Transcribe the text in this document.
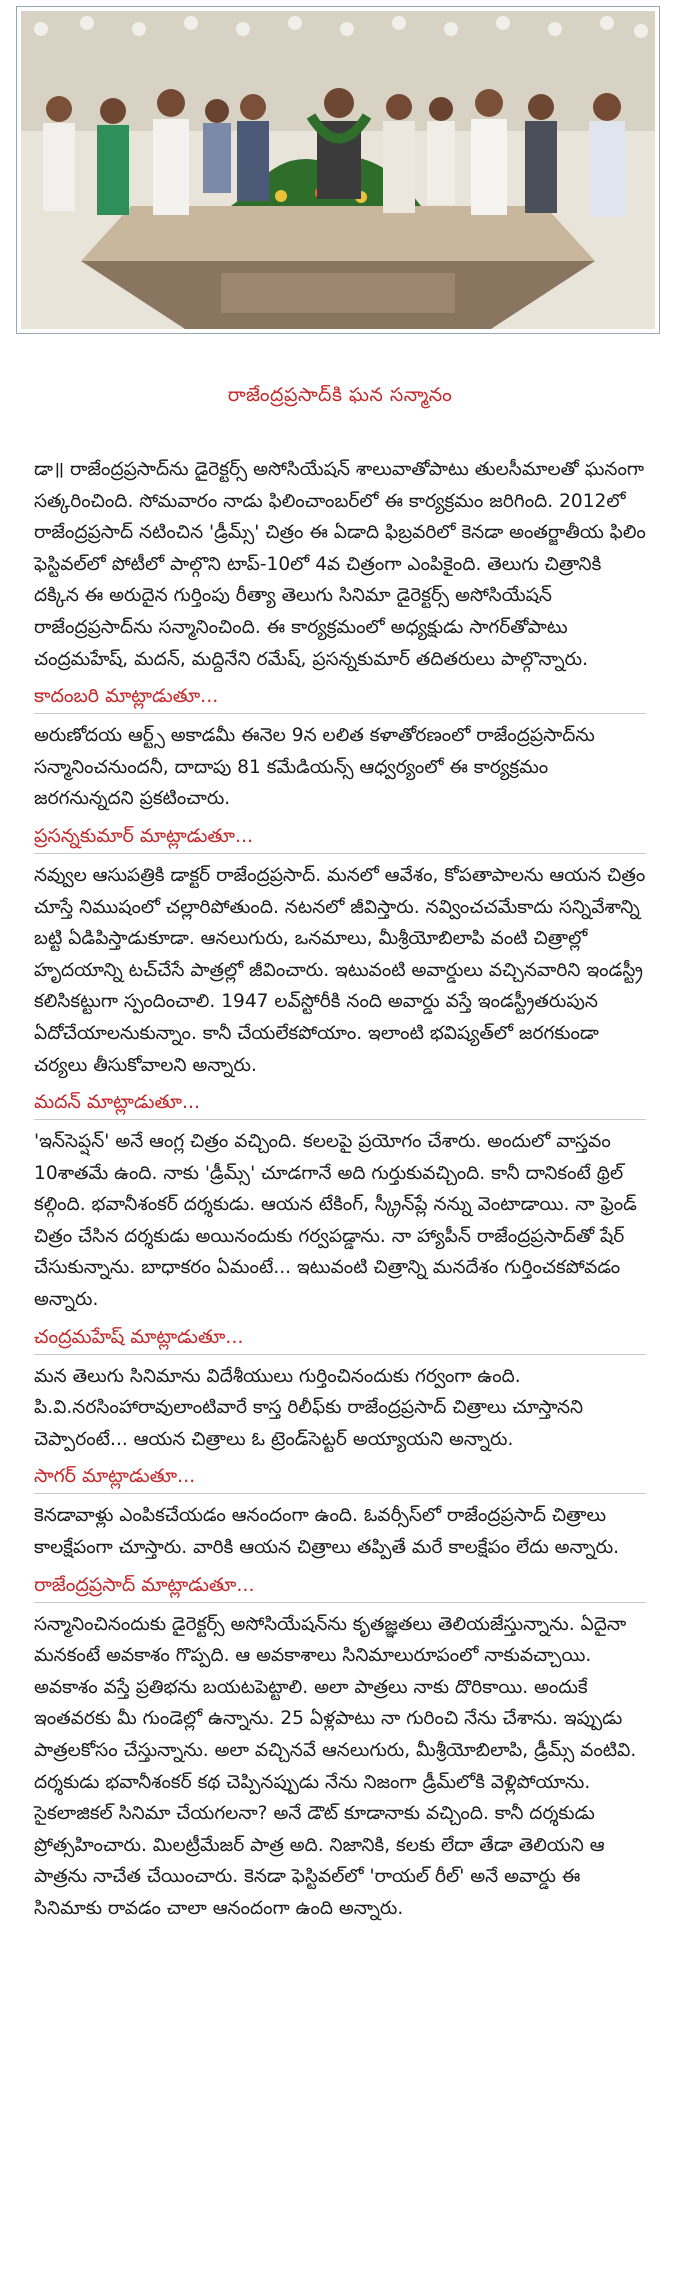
రాజేంద్రప్రసాద్‌కి ఘన సన్మానం

డా॥ రాజేంద్రప్రసాద్‌ను డైరెక్టర్స్ అసోసియేషన్ శాలువాతోపాటు తులసీమాలతో ఘనంగా సత్కరించింది. సోమవారం నాడు ఫిలించాంబర్‌లో ఈ కార్యక్రమం జరిగింది. 2012లో రాజేంద్రప్రసాద్ నటించిన 'డ్రీమ్స్' చిత్రం ఈ ఏడాది ఫిబ్రవరిలో కెనడా అంతర్జాతీయ ఫిలిం ఫెస్టివల్‌లో పోటీలో పాల్గొని టాప్-10లో 4వ చిత్రంగా ఎంపికైంది. తెలుగు చిత్రానికి దక్కిన ఈ అరుదైన గుర్తింపు రీత్యా తెలుగు సినిమా డైరెక్టర్స్ అసోసియేషన్ రాజేంద్రప్రసాద్‌ను సన్మానించింది. ఈ కార్యక్రమంలో అధ్యక్షుడు సాగర్‌తోపాటు చంద్రమహేష్, మదన్, మద్దినేని రమేష్, ప్రసన్నకుమార్ తదితరులు పాల్గొన్నారు.

కాదంబరి మాట్లాడుతూ...

అరుణోదయ ఆర్ట్స్ అకాడమీ ఈనెల 9న లలిత కళాతోరణంలో రాజేంద్రప్రసాద్‌ను సన్మానించనుందనీ, దాదాపు 81 కమేడియన్స్ ఆధ్వర్యంలో ఈ కార్యక్రమం జరగనున్నదని ప్రకటించారు.

ప్రసన్నకుమార్ మాట్లాడుతూ...

నవ్వుల ఆసుపత్రికి డాక్టర్ రాజేంద్రప్రసాద్. మనలో ఆవేశం, కోపతాపాలను ఆయన చిత్రం చూస్తే నిముషంలో చల్లారిపోతుంది. నటనలో జీవిస్తారు. నవ్వించచమేకాదు సన్నివేశాన్ని బట్టి ఏడిపిస్తాడుకూడా. ఆనలుగురు, ఒనమాలు, మీశ్రీయోబిలాపి వంటి చిత్రాల్లో హృదయాన్ని టచ్‌చేసే పాత్రల్లో జీవించారు. ఇటువంటి అవార్డులు వచ్చినవారిని ఇండస్ట్రీ కలిసికట్టుగా స్పందించాలి. 1947 లవ్‌స్టోరీకి నంది అవార్డు వస్తే ఇండస్ట్రీతరుపున ఏదోచేయాలనుకున్నాం. కానీ చేయలేకపోయాం. ఇలాంటి భవిష్యత్‌లో జరగకుండా చర్యలు తీసుకోవాలని అన్నారు.

మదన్ మాట్లాడుతూ...

'ఇన్‌సెప్షన్' అనే ఆంగ్ల చిత్రం వచ్చింది. కలలపై ప్రయోగం చేశారు. అందులో వాస్తవం 10శాతమే ఉంది. నాకు 'డ్రీమ్స్' చూడగానే అది గుర్తుకువచ్చింది. కానీ దానికంటే థ్రిల్ కల్గింది. భవానీశంకర్ దర్శకుడు. ఆయన టేకింగ్, స్క్రీన్‌ప్లే నన్ను వెంటాడాయి. నా ఫ్రెండ్ చిత్రం చేసిన దర్శకుడు అయినందుకు గర్వపడ్డాను. నా హ్యాపీన్ రాజేంద్రప్రసాద్‌తో షేర్ చేసుకున్నాను. బాధాకరం ఏమంటే... ఇటువంటి చిత్రాన్ని మనదేశం గుర్తించకపోవడం అన్నారు.

చంద్రమహేష్ మాట్లాడుతూ...

మన తెలుగు సినిమాను విదేశీయులు గుర్తించినందుకు గర్వంగా ఉంది. పి.వి.నరసింహారావులాంటివారే కాస్త రిలీఫ్‌కు రాజేంద్రప్రసాద్ చిత్రాలు చూస్తానని చెప్పారంటే... ఆయన చిత్రాలు ఓ ట్రెండ్‌సెట్టర్ అయ్యాయని అన్నారు.

సాగర్ మాట్లాడుతూ...

కెనడావాళ్లు ఎంపికచేయడం ఆనందంగా ఉంది. ఓవర్సీస్‌లో రాజేంద్రప్రసాద్ చిత్రాలు కాలక్షేపంగా చూస్తారు. వారికి ఆయన చిత్రాలు తప్పితే మరే కాలక్షేపం లేదు అన్నారు.

రాజేంద్రప్రసాద్ మాట్లాడుతూ...

సన్మానించినందుకు డైరెక్టర్స్ అసోసియేషన్‌ను కృతజ్ఞతలు తెలియజేస్తున్నాను. ఏదైనా మనకంటే అవకాశం గొప్పది. ఆ అవకాశాలు సినిమాలురూపంలో నాకువచ్చాయి. అవకాశం వస్తే ప్రతిభను బయటపెట్టాలి. అలా పాత్రలు నాకు దొరికాయి. అందుకే ఇంతవరకు మీ గుండెల్లో ఉన్నాను. 25 ఏళ్లపాటు నా గురించి నేను చేశాను. ఇప్పుడు పాత్రలకోసం చేస్తున్నాను. అలా వచ్చినవే ఆనలుగురు, మీశ్రీయోబిలాపి, డ్రీమ్స్ వంటివి. దర్శకుడు భవానీశంకర్ కథ చెప్పినప్పుడు నేను నిజంగా డ్రీమ్‌లోకి వెళ్లిపోయాను. సైకలాజికల్ సినిమా చేయగలనా? అనే డౌట్ కూడానాకు వచ్చింది. కానీ దర్శకుడు ప్రోత్సహించారు. మిలట్రీమేజర్ పాత్ర అది. నిజానికి, కలకు లేదా తేడా తెలియని ఆ పాత్రను నాచేత చేయించారు. కెనడా ఫెస్టివల్‌లో 'రాయల్ రీల్' అనే అవార్డు ఈ సినిమాకు రావడం చాలా ఆనందంగా ఉంది అన్నారు.
